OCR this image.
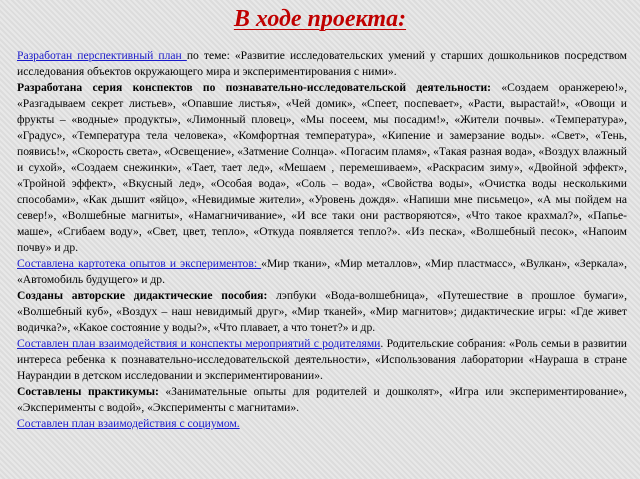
В ходе проекта:

Разработан перспективный план по теме: «Развитие исследовательских умений у старших дошкольников посредством исследования объектов окружающего мира и экспериментирования с ними».

Разработана серия конспектов по познавательно-исследовательской деятельности: «Создаем оранжерею!», «Разгадываем секрет листьев», «Опавшие листья», «Чей домик», «Спеет, поспевает», «Расти, вырастай!», «Овощи и фрукты – «водные» продукты», «Лимонный пловец», «Мы посеем, мы посадим!», «Жители почвы». «Температура», «Градус», «Температура тела человека», «Комфортная температура», «Кипение и замерзание воды». «Свет», «Тень, появись!», «Скорость света», «Освещение», «Затмение Солнца». «Погасим пламя», «Такая разная вода», «Воздух влажный и сухой», «Создаем снежинки», «Тает, тает лед», «Мешаем , перемешиваем», «Раскрасим зиму», «Двойной эффект», «Тройной эффект», «Вкусный лед», «Особая вода», «Соль – вода», «Свойства воды», «Очистка воды несколькими способами», «Как дышит «яйцо», «Невидимые жители», «Уровень дождя». «Напиши мне письмецо», «А мы пойдем на север!», «Волшебные магниты», «Намагничивание», «И все таки они растворяются», «Что такое крахмал?», «Папье-маше», «Сгибаем воду», «Свет, цвет, тепло», «Откуда появляется тепло?». «Из песка», «Волшебный песок», «Напоим почву» и др.

Составлена картотека опытов и экспериментов: «Мир ткани», «Мир металлов», «Мир пластмасс», «Вулкан», «Зеркала», «Автомобиль будущего» и др.

Созданы авторские дидактические пособия: лэпбуки «Вода-волшебница», «Путешествие в прошлое бумаги», «Волшебный куб», «Воздух – наш невидимый друг», «Мир тканей», «Мир магнитов»; дидактические игры: «Где живет водичка?», «Какое состояние у воды?», «Что плавает, а что тонет?» и др.

Составлен план взаимодействия и конспекты мероприятий с родителями. Родительские собрания: «Роль семьи в развитии интереса ребенка к познавательно-исследовательской деятельности», «Использования лаборатории «Наураша в стране Наурандии в детском исследовании и экспериментировании».

Составлены практикумы: «Занимательные опыты для родителей и дошколят», «Игра или экспериментирование», «Эксперименты с водой», «Эксперименты с магнитами».

Составлен план взаимодействия с социумом.
